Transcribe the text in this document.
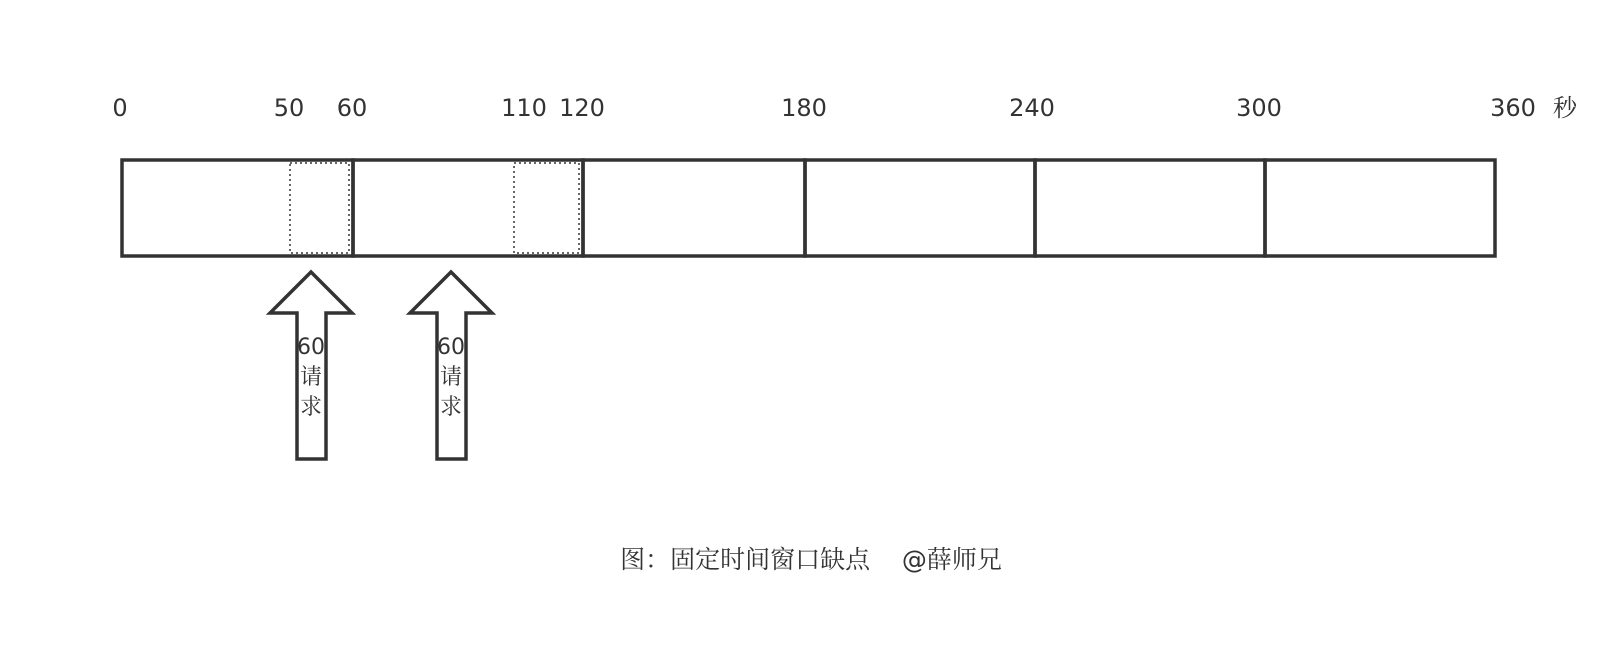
0	50 60	110 120	180	240	300	360 秒
60
请
求
60
请
求
图：固定时间窗口缺点    @薛师兄
